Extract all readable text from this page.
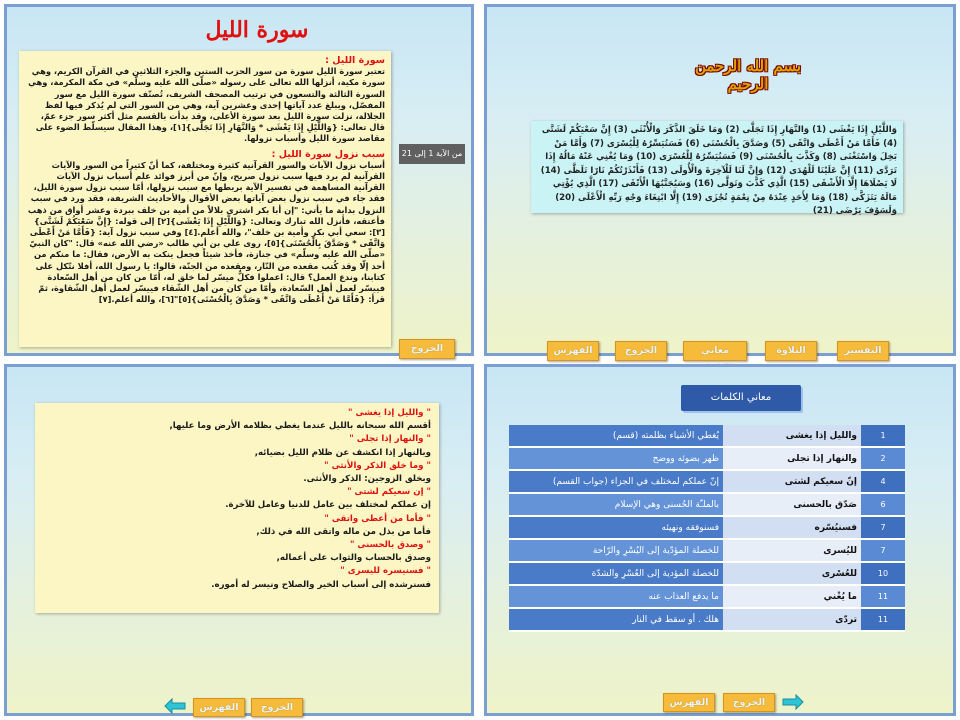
سورة الليل
سورة الليل :
تعتبر سورة الليل سورة من سور الحزب الستين والجزء الثلاثين في القرآن الكريم، وهي سورة مكية، أنزلها الله تعالى على رسوله «صلّى الله عليه وسلّم» في مكة المكرمة، وهي السورة الثالثة والتسعون في ترتيب المصحف الشريف، تُصنّف سورة الليل مع سور المفصّل، ويبلغ عدد آياتها إحدى وعشرين آية، وهي من السور التي لم يُذكر فيها لفظ الجلالة، نزلت سورة الليل بعد سورة الأعلى، وقد بدأت بالقسم مثل أكثر سور جزء عمّ، قال تعالى: {وَاللَّيْلِ إِذَا يَغْشَى * وَالنَّهَارِ إِذَا تَجَلَّى}[١]، وهذا المقال سيسلّط الضوء على مقاصد سورة الليل وأسباب نزولها.
سبب نزول سورة الليل :
أسباب نزول الآيات والسور القرآنية كثيرة ومختلفة، كما أنّ كثيراً من السور والآيات القرآنية لم يرد فيها سبب نزول صريح، وإنّ من أبرز فوائد علم أسباب نزول الآيات القرآنية المساهمة في تفسير الآية بربطها مع سبب نزولها، أمّا سبب نزول سورة الليل، فقد جاء في سبب نزول بعض آياتها بعض الأقوال والأحاديث الشريفة، فقد ورد في سبب النزول بداية ما يأتي: "إن أبا بكر اشترى بلالاً من أمية بن خلف ببردة وعشر أواق من ذهب فأعتقه، فأنزل الله تبارك وتعالى: {وَاللَّيْلِ إِذَا يَغْشَى}[٢] إلى قوله: {إِنَّ سَعْيَكُمْ لَشَتَّى}[٣]: سعي أبي بكر وأمية بن خلف"، والله أعلم.[٤] وفي سبب نزول آية: {فَأَمَّا مَنْ أَعْطَى وَاتَّقَى * وَصَدَّقَ بِالْحُسْنَى}[٥]، روى علي بن أبي طالب «رضي الله عنه» قال: "كان النبيّ «صلّى الله عليه وسلّم» في جنازة، فأخذ شيئاً فجعل ينكت به الأرض، فقال: ما منكم من أحد إلّا وقد كُتب مقعده من النّار، ومقعده من الجنّة، قالوا: يا رسول الله، أفلا نتّكل على كتابنا، وندع العمل؟ قال: اعملوا فكلٌّ ميسّر لما خلق له، أمّا من كان من أهل السّعادة فييسّر لعمل أهل السّعادة، وأمّا من كان من أهل الشّقاء فييسّر لعمل أهل الشّقاوة، ثمّ قرأ: {فَأَمَّا مَنْ أَعْطَى وَاتَّقَى * وَصَدَّقَ بِالْحُسْنَى}[٥]"[٦]، والله أعلم.[٧]
من الآية 1 إلى 21
الخروج
بسم الله الرحمن الرحيم
وَاللَّيْلِ إِذَا يَغْشَى (1) وَالنَّهَارِ إِذَا تَجَلَّى (2) وَمَا خَلَقَ الذَّكَرَ وَالْأُنْثَى (3) إِنَّ سَعْيَكُمْ لَشَتَّى (4) فَأَمَّا مَنْ أَعْطَى وَاتَّقَى (5) وَصَدَّقَ بِالْحُسْنَى (6) فَسَنُيَسِّرُهُ لِلْيُسْرَى (7) وَأَمَّا مَنْ بَخِلَ وَاسْتَغْنَى (8) وَكَذَّبَ بِالْحُسْنَى (9) فَسَنُيَسِّرُهُ لِلْعُسْرَى (10) وَمَا يُغْنِي عَنْهُ مَالُهُ إِذَا تَرَدَّى (11) إِنَّ عَلَيْنَا لَلْهُدَى (12) وَإِنَّ لَنَا لَلْآخِرَةَ وَالْأُولَى (13) فَأَنْذَرْتُكُمْ نَارًا تَلَظَّى (14) لَا يَصْلَاهَا إِلَّا الْأَشْقَى (15) الَّذِي كَذَّبَ وَتَوَلَّى (16) وَسَيُجَنَّبُهَا الْأَتْقَى (17) الَّذِي يُؤْتِي مَالَهُ يَتَزَكَّى (18) وَمَا لِأَحَدٍ عِنْدَهُ مِنْ نِعْمَةٍ تُجْزَى (19) إِلَّا ابْتِغَاءَ وَجْهِ رَبِّهِ الْأَعْلَى (20) وَلَسَوْفَ يَرْضَى (21)
الفهرس	الخروج	معاني	التلاوة	التفسير
" والليل إذا يغشى "
أقسم الله سبحانه بالليل عندما يغطي بظلامه الأرض وما عليها,
" والنهار إذا تجلى "
وبالنهار إذا انكشف عن ظلام الليل بضيائه,
" وما خلق الذكر والأنثى "
وبخلق الزوجين: الذكر والأنثى.
" إن سعيكم لشتى "
إن عملكم لمختلف بين عامل للدنيا وعامل للآخرة.
" فأما من أعطى واتقى "
فأما من بذل من ماله واتقى الله في ذلك,
" وصدق بالحسنى "
وصدق بالحساب والثواب على أعماله,
" فسنيسره لليسرى "
فسنرشده إلى أسباب الخير والصلاح ونيسر له أموره.
الفهرس	الخروج
معاني الكلمات
1	والليل إذا يغشى	يُغطي الأشياء بظلمته (قسم)
2	والنهار إذا تجلى	ظهر بضوئه ووضح
4	إنّ سعيكم لشتى	إنّ عملكم لمختلف في الجزاء (جواب القسم)
6	صَدّق بالحسنى	بالملـّة الحُسنى وهي الإسلام
7	فسنيُسّره	فسنوفقه ونهيئه
7	لليُسرى	للخصلة المؤدّية إلى اليُسْرِ والرّاحة
10	للعُسْرى	للخصلة المؤدية إلى العُسْرِ والشدّة
11	ما يُغْني	ما يدفع العذاب عنه
11	تردّى	هلك . أو سقط في النار
الفهرس	الخروج
